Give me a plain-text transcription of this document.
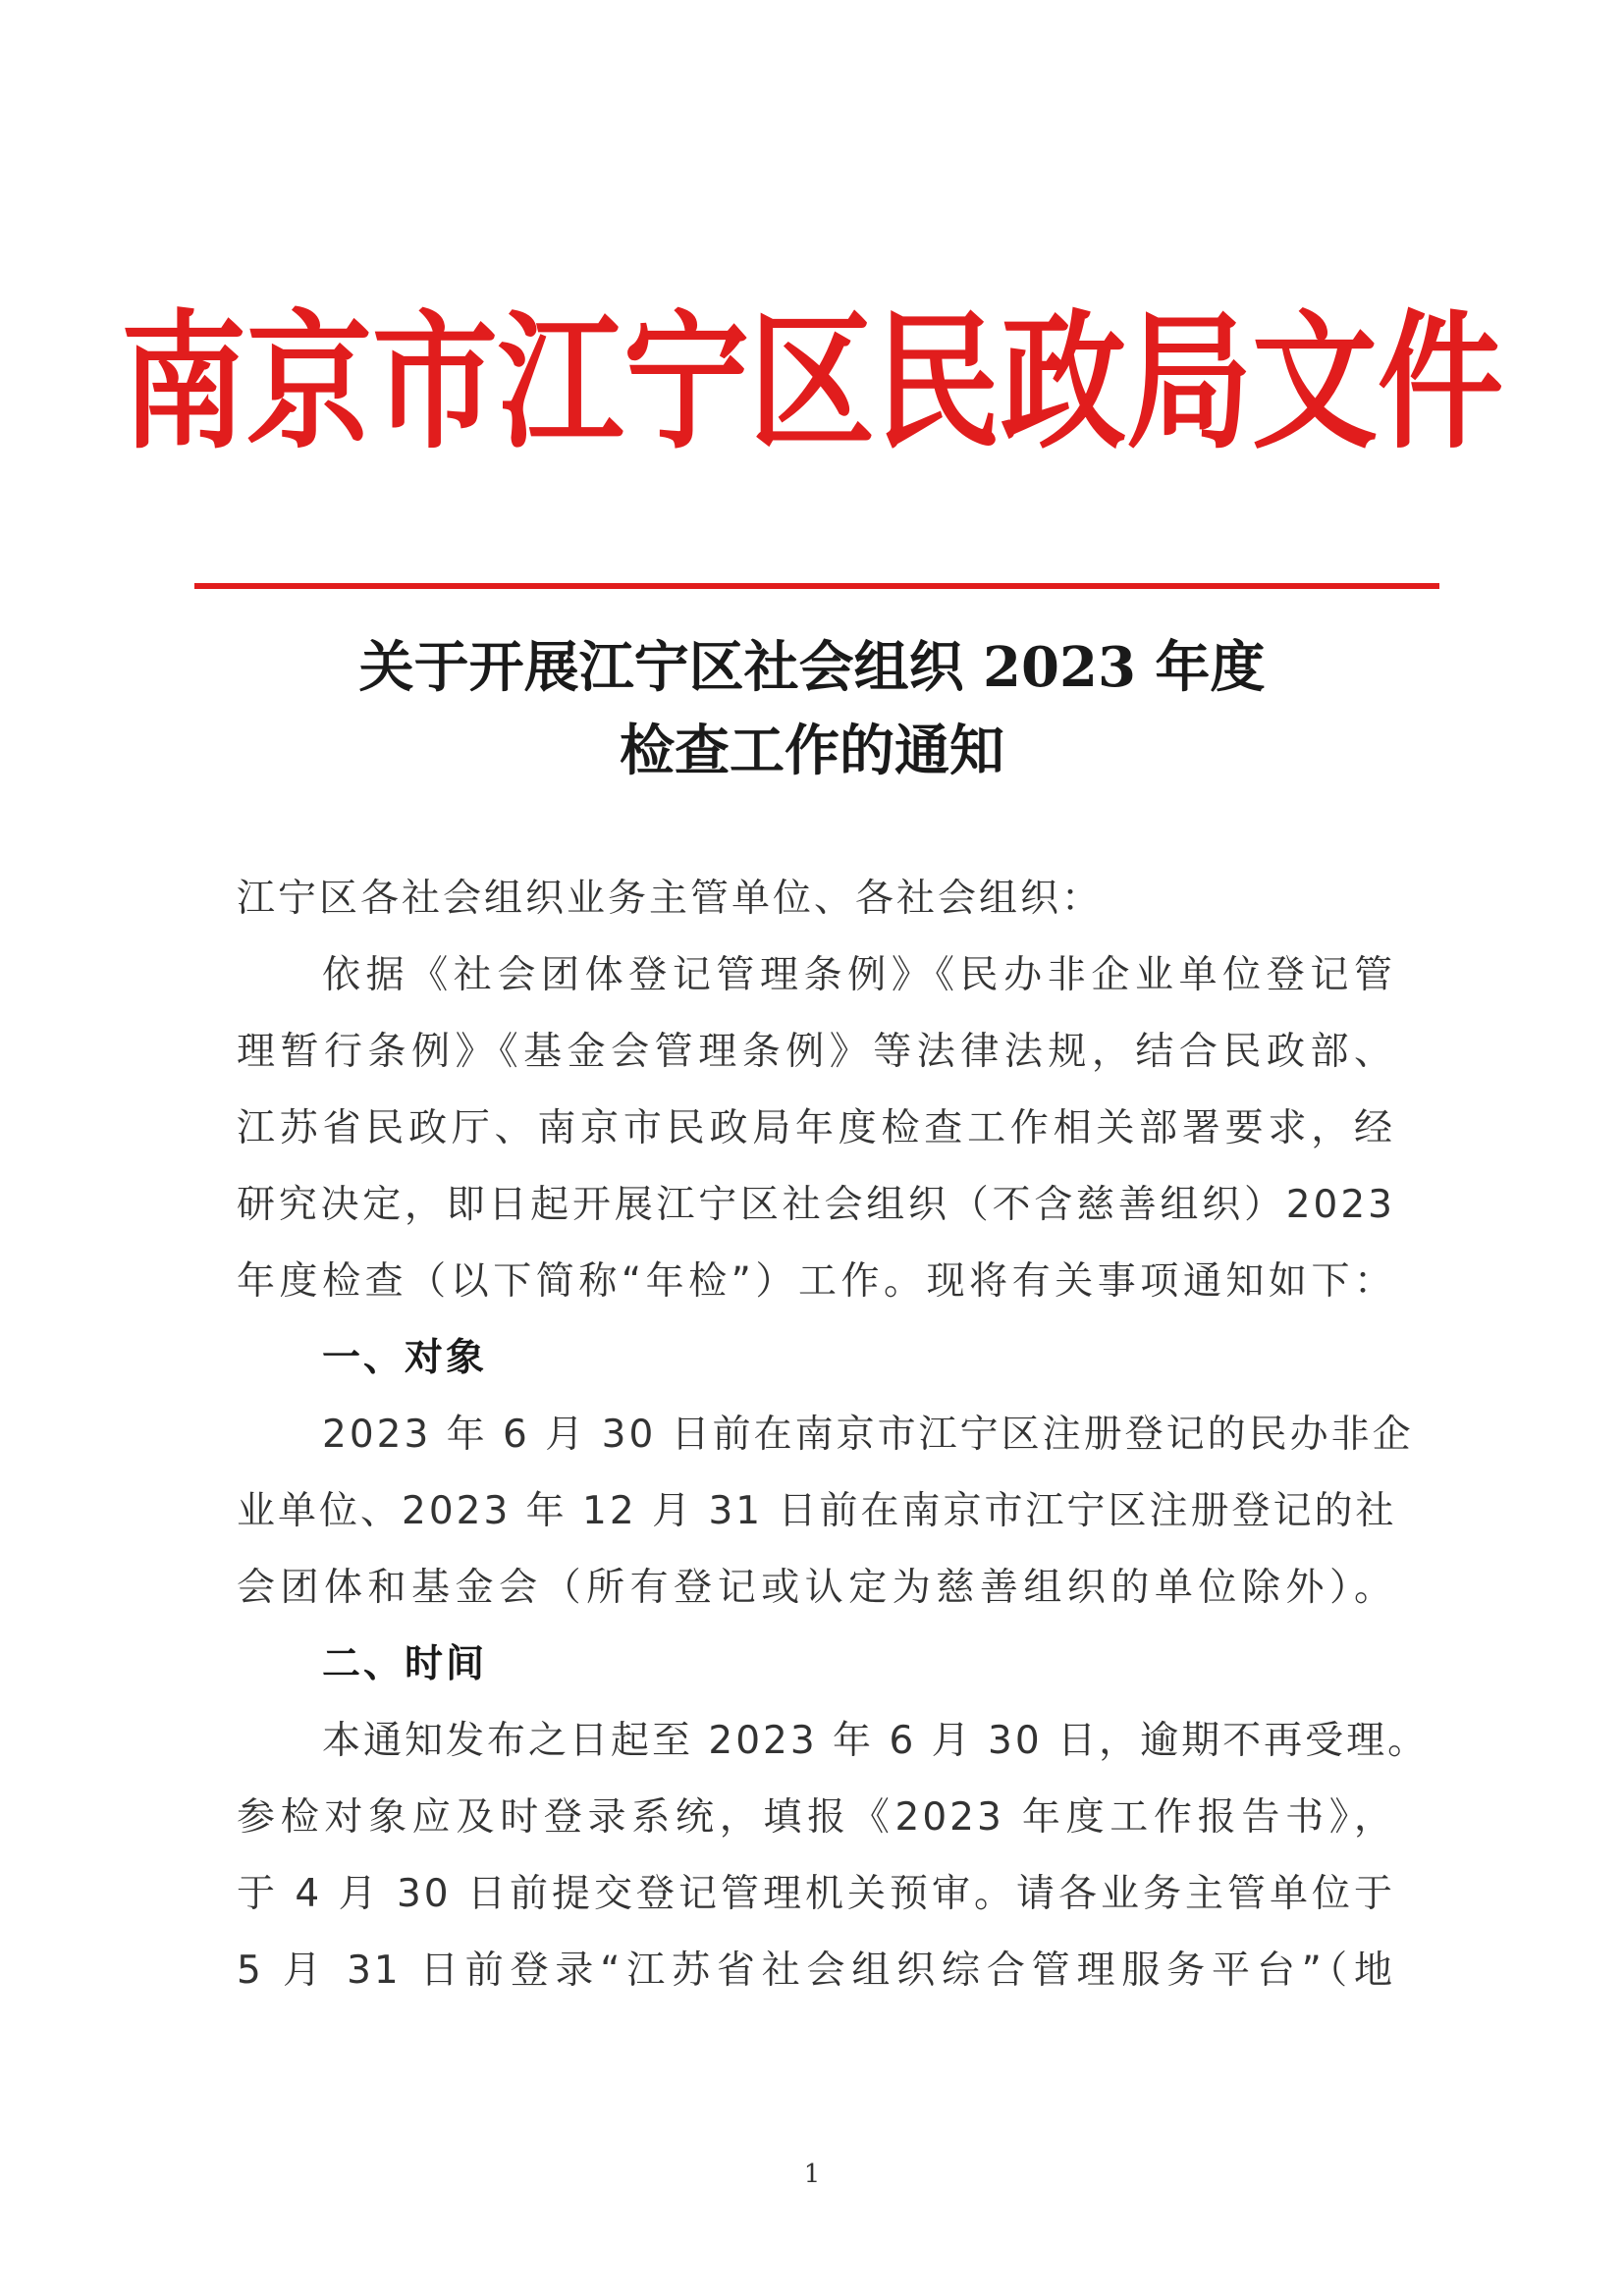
南京市江宁区民政局文件
关于开展江宁区社会组织 2023 年度
检查工作的通知
江宁区各社会组织业务主管单位、各社会组织：
依据《社会团体登记管理条例》《民办非企业单位登记管
理暂行条例》《基金会管理条例》等法律法规，结合民政部、
江苏省民政厅、南京市民政局年度检查工作相关部署要求，经
研究决定，即日起开展江宁区社会组织（不含慈善组织）2023
年度检查（以下简称“年检”）工作。现将有关事项通知如下：
一、对象
2023 年 6 月 30 日前在南京市江宁区注册登记的民办非企
业单位、2023 年 12 月 31 日前在南京市江宁区注册登记的社
会团体和基金会（所有登记或认定为慈善组织的单位除外）。
二、时间
本通知发布之日起至 2023 年 6 月 30 日，逾期不再受理。
参检对象应及时登录系统，填报《2023 年度工作报告书》，
于 4 月 30 日前提交登记管理机关预审。请各业务主管单位于
5 月 31 日前登录“江苏省社会组织综合管理服务平台”（地
1
